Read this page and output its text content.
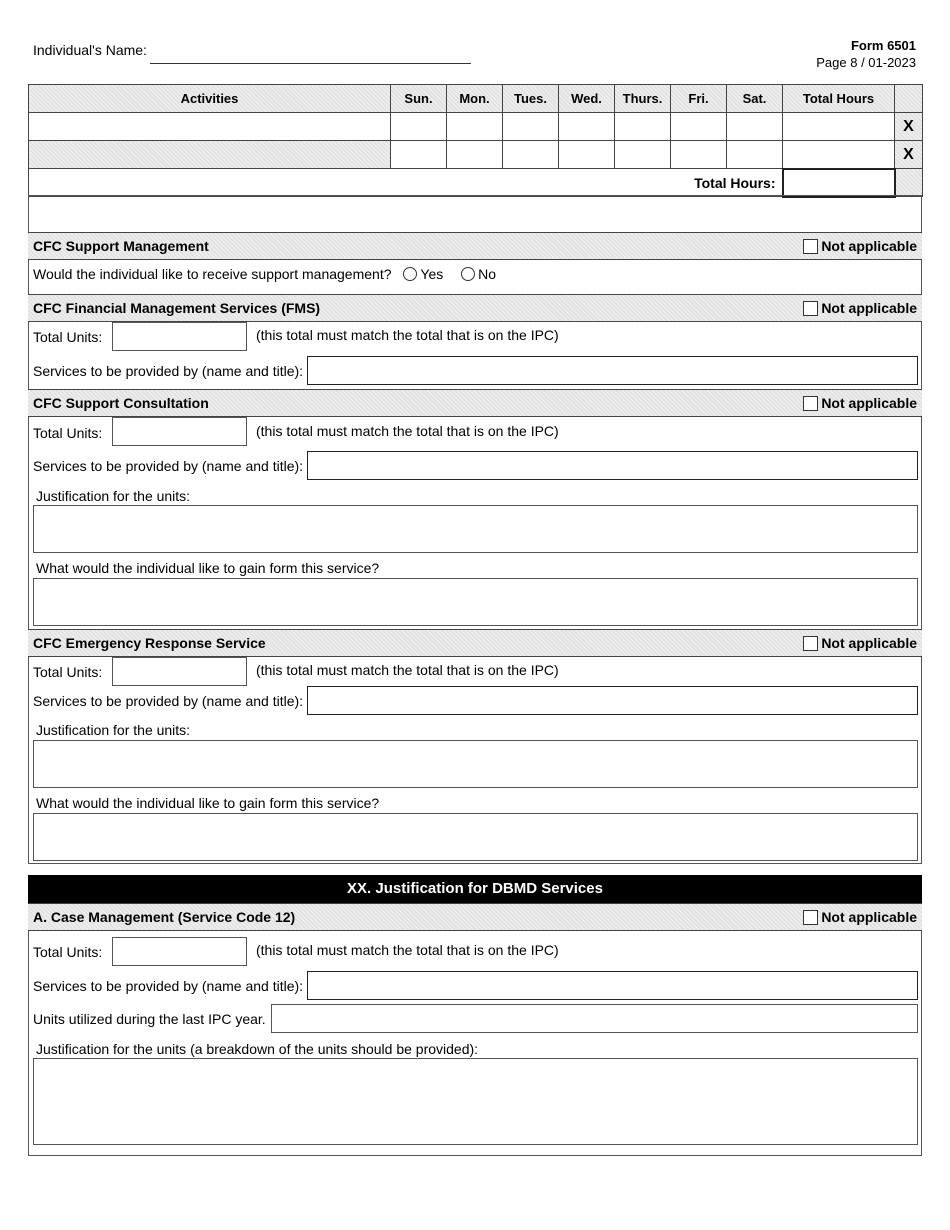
Individual's Name:	Form 6501
Page 8 / 01-2023
Activities	Sun.	Mon.	Tues.	Wed.	Thurs.	Fri.	Sat.	Total Hours	
									X
									X
Total Hours:									
CFC Support Management	Not applicable
Would the individual like to receive support management? Yes No
CFC Financial Management Services (FMS)	Not applicable
Total Units:	(this total must match the total that is on the IPC)
Services to be provided by (name and title):
CFC Support Consultation	Not applicable
Total Units:	(this total must match the total that is on the IPC)
Services to be provided by (name and title):
Justification for the units:
What would the individual like to gain form this service?
CFC Emergency Response Service	Not applicable
Total Units:	(this total must match the total that is on the IPC)
Services to be provided by (name and title):
Justification for the units:
What would the individual like to gain form this service?
XX. Justification for DBMD Services
A. Case Management (Service Code 12)	Not applicable
Total Units:	(this total must match the total that is on the IPC)
Services to be provided by (name and title):
Units utilized during the last IPC year.
Justification for the units (a breakdown of the units should be provided):
